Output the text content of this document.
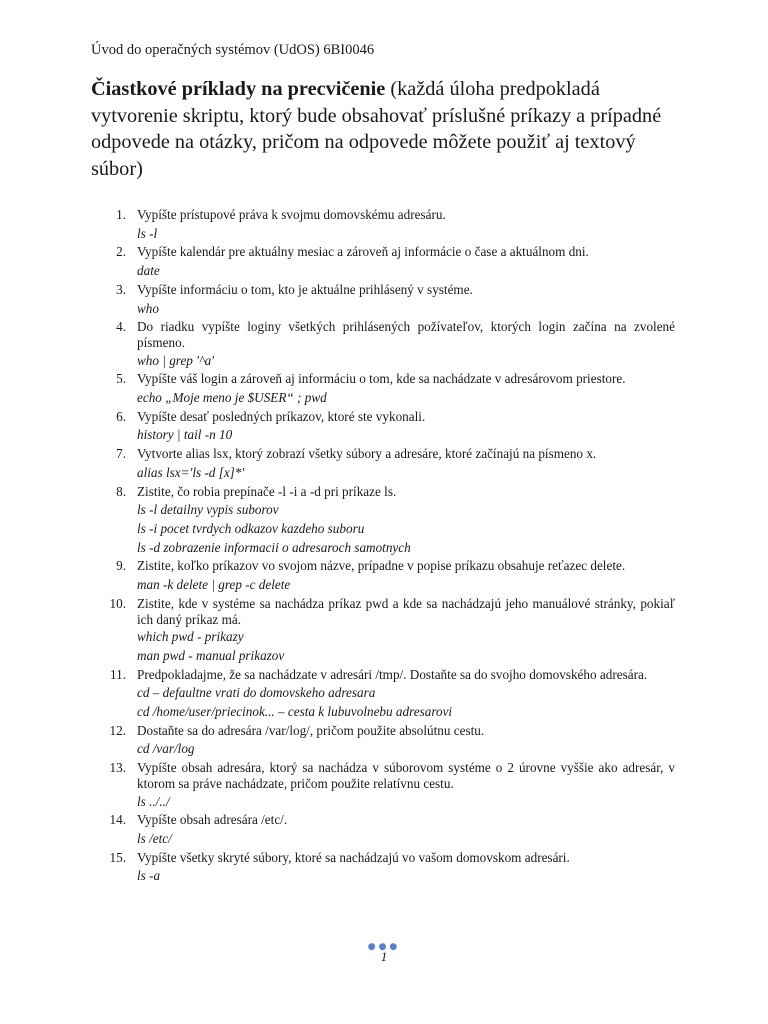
Úvod do operačných systémov (UdOS) 6BI0046
Čiastkové príklady na precvičenie (každá úloha predpokladá vytvorenie skriptu, ktorý bude obsahovať príslušné príkazy a prípadné odpovede na otázky, pričom na odpovede môžete použiť aj textový súbor)
1. Vypíšte prístupové práva k svojmu domovskému adresáru.
ls -l
2. Vypíšte kalendár pre aktuálny mesiac a zároveň aj informácie o čase a aktuálnom dni.
date
3. Vypíšte informáciu o tom, kto je aktuálne prihlásený v systéme.
who
4. Do riadku vypíšte loginy všetkých prihlásených požívateľov, ktorých login začína na zvolené písmeno.
who | grep '^a'
5. Vypíšte váš login a zároveň aj informáciu o tom, kde sa nachádzate v adresárovom priestore.
echo „Moje meno je $USER“ ; pwd
6. Vypíšte desať posledných príkazov, ktoré ste vykonali.
history | tail -n 10
7. Vytvorte alias lsx, ktorý zobrazí všetky súbory a adresáre, ktoré začínajú na písmeno x.
alias lsx='ls -d [x]*'
8. Zistite, čo robia prepínače -l -i a -d pri príkaze ls.
ls -l detailny vypis suborov
ls -i pocet tvrdych odkazov kazdeho suboru
ls -d zobrazenie informacii o adresaroch samotnych
9. Zistite, koľko príkazov vo svojom názve, prípadne v popise príkazu obsahuje reťazec delete.
man -k delete | grep -c delete
10. Zistite, kde v systéme sa nachádza príkaz pwd a kde sa nachádzajú jeho manuálové stránky, pokiaľ ich daný príkaz má.
which pwd - prikazy
man pwd - manual prikazov
11. Predpokladajme, že sa nachádzate v adresári /tmp/. Dostaňte sa do svojho domovského adresára.
cd – defaultne vrati do domovskeho adresara
cd /home/user/priecinok... – cesta k lubuvolnebu adresarovi
12. Dostaňte sa do adresára /var/log/, pričom použite absolútnu cestu.
cd /var/log
13. Vypíšte obsah adresára, ktorý sa nachádza v súborovom systéme o 2 úrovne vyššie ako adresár, v ktorom sa práve nachádzate, pričom použite relatívnu cestu.
ls ../../
14. Vypíšte obsah adresára /etc/.
ls /etc/
15. Vypíšte všetky skryté súbory, ktoré sa nachádzajú vo vašom domovskom adresári.
ls -a
●●●
1
